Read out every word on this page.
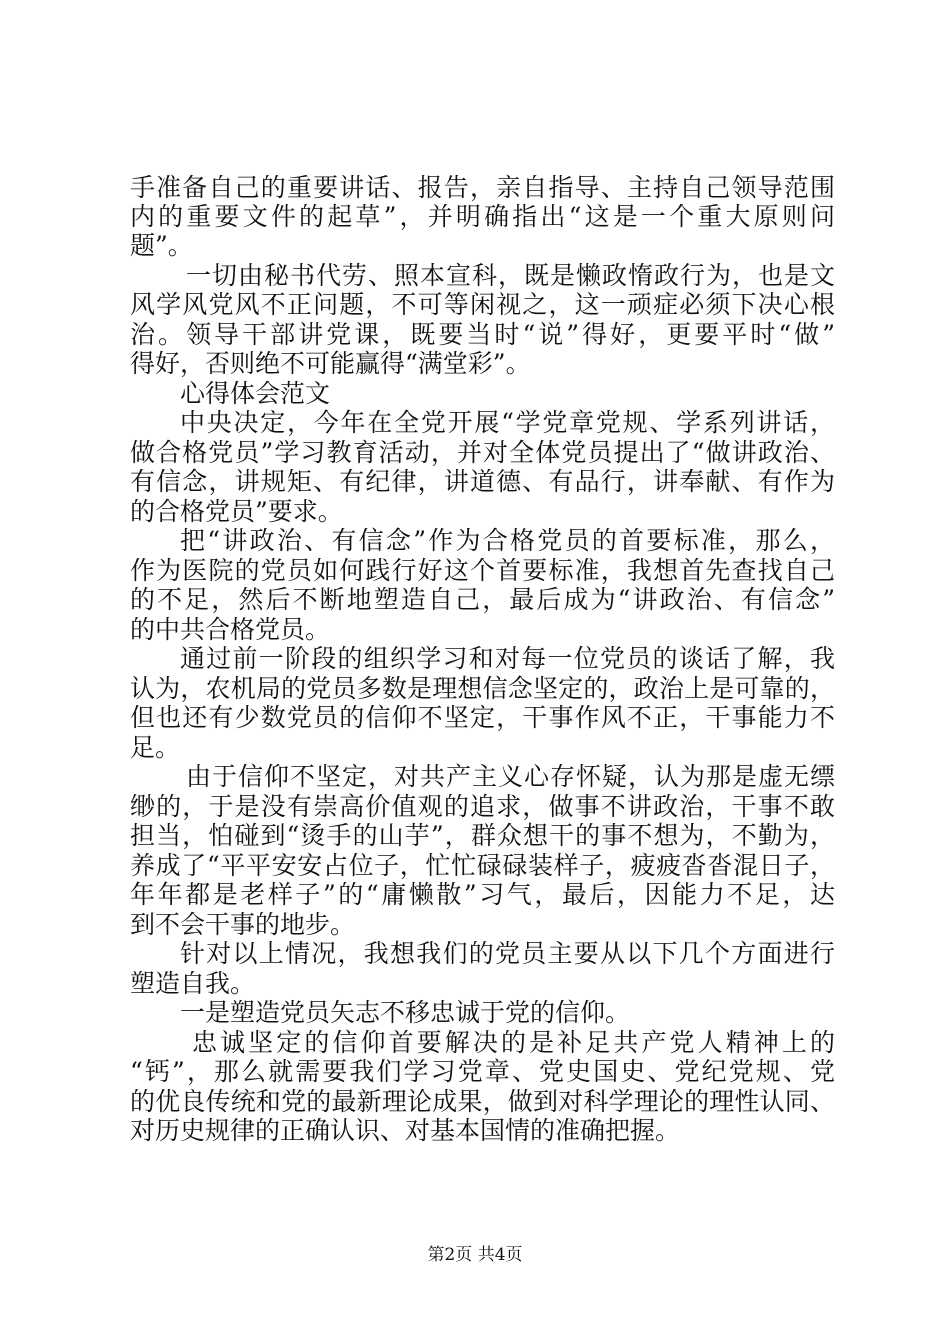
手准备自己的重要讲话、报告，亲自指导、主持自己领导范围
内的重要文件的起草”，并明确指出“这是一个重大原则问
题”。
一切由秘书代劳、照本宣科，既是懒政惰政行为，也是文
风学风党风不正问题，不可等闲视之，这一顽症必须下决心根
治。领导干部讲党课，既要当时“说”得好，更要平时“做”
得好，否则绝不可能赢得“满堂彩”。
心得体会范文
中央决定，今年在全党开展“学党章党规、学系列讲话，
做合格党员”学习教育活动，并对全体党员提出了“做讲政治、
有信念，讲规矩、有纪律，讲道德、有品行，讲奉献、有作为
的合格党员”要求。
把“讲政治、有信念”作为合格党员的首要标准，那么，
作为医院的党员如何践行好这个首要标准，我想首先查找自己
的不足，然后不断地塑造自己，最后成为“讲政治、有信念”
的中共合格党员。
通过前一阶段的组织学习和对每一位党员的谈话了解，我
认为，农机局的党员多数是理想信念坚定的，政治上是可靠的，
但也还有少数党员的信仰不坚定，干事作风不正，干事能力不
足。
由于信仰不坚定，对共产主义心存怀疑，认为那是虚无缥
缈的，于是没有崇高价值观的追求，做事不讲政治，干事不敢
担当，怕碰到“烫手的山芋”，群众想干的事不想为，不勤为，
养成了“平平安安占位子，忙忙碌碌装样子，疲疲沓沓混日子，
年年都是老样子”的“庸懒散”习气，最后，因能力不足，达
到不会干事的地步。
针对以上情况，我想我们的党员主要从以下几个方面进行
塑造自我。
一是塑造党员矢志不移忠诚于党的信仰。
忠诚坚定的信仰首要解决的是补足共产党人精神上的
“钙”，那么就需要我们学习党章、党史国史、党纪党规、党
的优良传统和党的最新理论成果，做到对科学理论的理性认同、
对历史规律的正确认识、对基本国情的准确把握。
第2页 共4页
